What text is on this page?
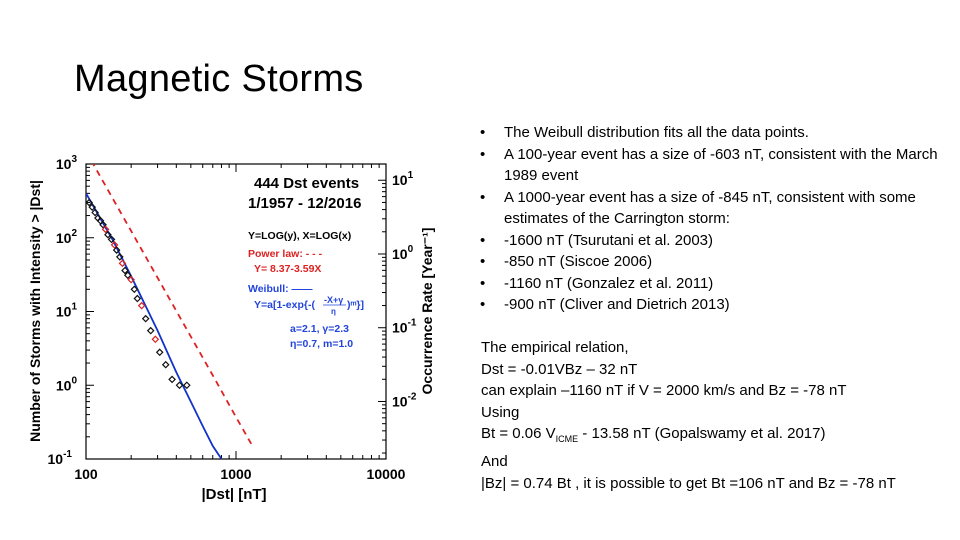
Magnetic Storms
Number of Storms with Intensity > |Dst|	Occurrence Rate [Year⁻¹]
|Dst| [nT]
100	1000	10000
$10^3$
$10^2$
$10^1$
$10^0$
$10^{-1}$
$10^1$
$10^0$
$10^{-1}$
$10^{-2}$
444 Dst events
1/1957 - 12/2016
Y=LOG(y), X=LOG(x)
Power law: - - -
Y= 8.37-3.59X
Weibull: ——
Y=a[1-exp{-( -X+γ
η
)ᵐ}]
a=2.1, γ=2.3
η=0.7, m=1.0
• The Weibull distribution fits all the data points.
• A 100-year event has a size of -603 nT, consistent with the March 1989 event
• A 1000-year event has a size of -845 nT, consistent with some estimates of the Carrington storm:
• -1600 nT (Tsurutani et al. 2003)
• -850 nT (Siscoe 2006)
• -1160 nT (Gonzalez et al. 2011)
• -900 nT (Cliver and Dietrich 2013)
The empirical relation,
Dst = -0.01VBz – 32 nT
can explain –1160 nT if V = 2000 km/s and Bz = -78 nT
Using
Bt = 0.06 $V_{ICME} - 13.58$ nT (Gopalswamy et al. 2017)
And
|Bz| = 0.74 Bt , it is possible to get Bt =106 nT and Bz = -78 nT
